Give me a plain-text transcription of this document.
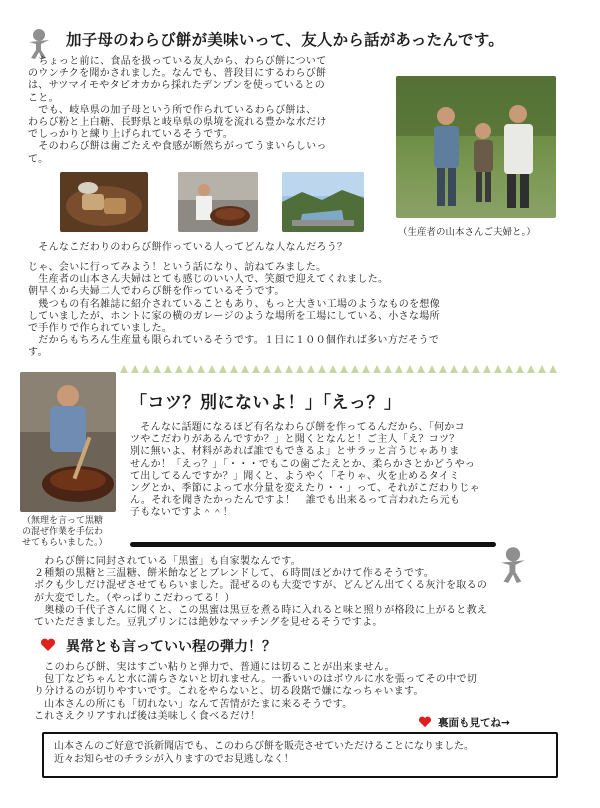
加子母のわらび餅が美味いって、友人から話があったんです。
　ちょっと前に、食品を扱っている友人から、わらび餅について
のウンチクを聞かされました。なんでも、普段目にするわらび餅
は、サツマイモやタピオカから採れたデンプンを使っているとの
こと。
　でも、岐阜県の加子母という所で作られているわらび餅は、
わらび粉と上白糖、長野県と岐阜県の県境を流れる豊かな水だけ
でしっかりと練り上げられているそうです。
　そのわらび餅は歯ごたえや食感が断然ちがってうまいらしいっ
て。
（生産者の山本さんご夫婦と。）
　そんなこだわりのわらび餅作っている人ってどんな人なんだろう？
じゃ、会いに行ってみよう！という話になり、訪ねてみました。
　生産者の山本さん夫婦はとても感じのいい人で、笑顔で迎えてくれました。
朝早くから夫婦二人でわらび餅を作っているそうです。
　幾つもの有名雑誌に紹介されていることもあり、もっと大きい工場のようなものを想像
していましたが、ホントに家の横のガレージのような場所を工場にしている、小さな場所
で手作りで作られていました。
　だからもちろん生産量も限られているそうです。１日に１００個作れば多い方だそうで
す。
「コツ？別にないよ！」「えっ？」
　そんなに話題になるほど有名なわらび餅を作ってるんだから、「何かコ
ツやこだわりがあるんですか？」と聞くとなんと！ご主人「え？コツ？
別に無いよ、材料があれば誰でもできるよ」とサラッと言うじゃありま
せんか！「えっ？」「・・・でもこの歯ごたえとか、柔らかさとかどうやっ
て出してるんですか？」聞くと、ようやく「そりゃ、火を止めるタイミ
ングとか、季節によって水分量を変えたり・・」って、それがこだわりじゃ
ん。それを聞きたかったんですよ！　誰でも出来るって言われたら元も
子もないですよ＾＾！
（無理を言って黒糖
の混ぜ作業を手伝わ
せてもらいました。）
　わらび餅に同封されている「黒蜜」も自家製なんです。
２種類の黒糖と三温糖、餅米飴などとブレンドして、６時間ほどかけて作るそうです。
ボクも少しだけ混ぜさせてもらいました。混ぜるのも大変ですが、どんどん出てくる灰汁を取るの
が大変でした。（やっぱりこだわってる！）
　奥様の千代子さんに聞くと、この黒蜜は黒豆を煮る時に入れると味と照りが格段に上がると教え
ていただきました。豆乳プリンには絶妙なマッチングを見せるそうですよ。
異常とも言っていい程の弾力！？
　このわらび餅、実はすごい粘りと弾力で、普通には切ることが出来ません。
　包丁などちゃんと水に濡らさないと切れません。一番いいのはボウルに水を張ってその中で切
り分けるのが切りやすいです。これをやらないと、切る段階で嫌になっちゃいます。
　山本さんの所にも「切れない」なんて苦情がたまに来るそうです。
これさえクリアすれば後は美味しく食べるだけ！
裏面も見てね→
山本さんのご好意で浜新聞店でも、このわらび餅を販売させていただけることになりました。
近々お知らせのチラシが入りますのでお見逃しなく！
